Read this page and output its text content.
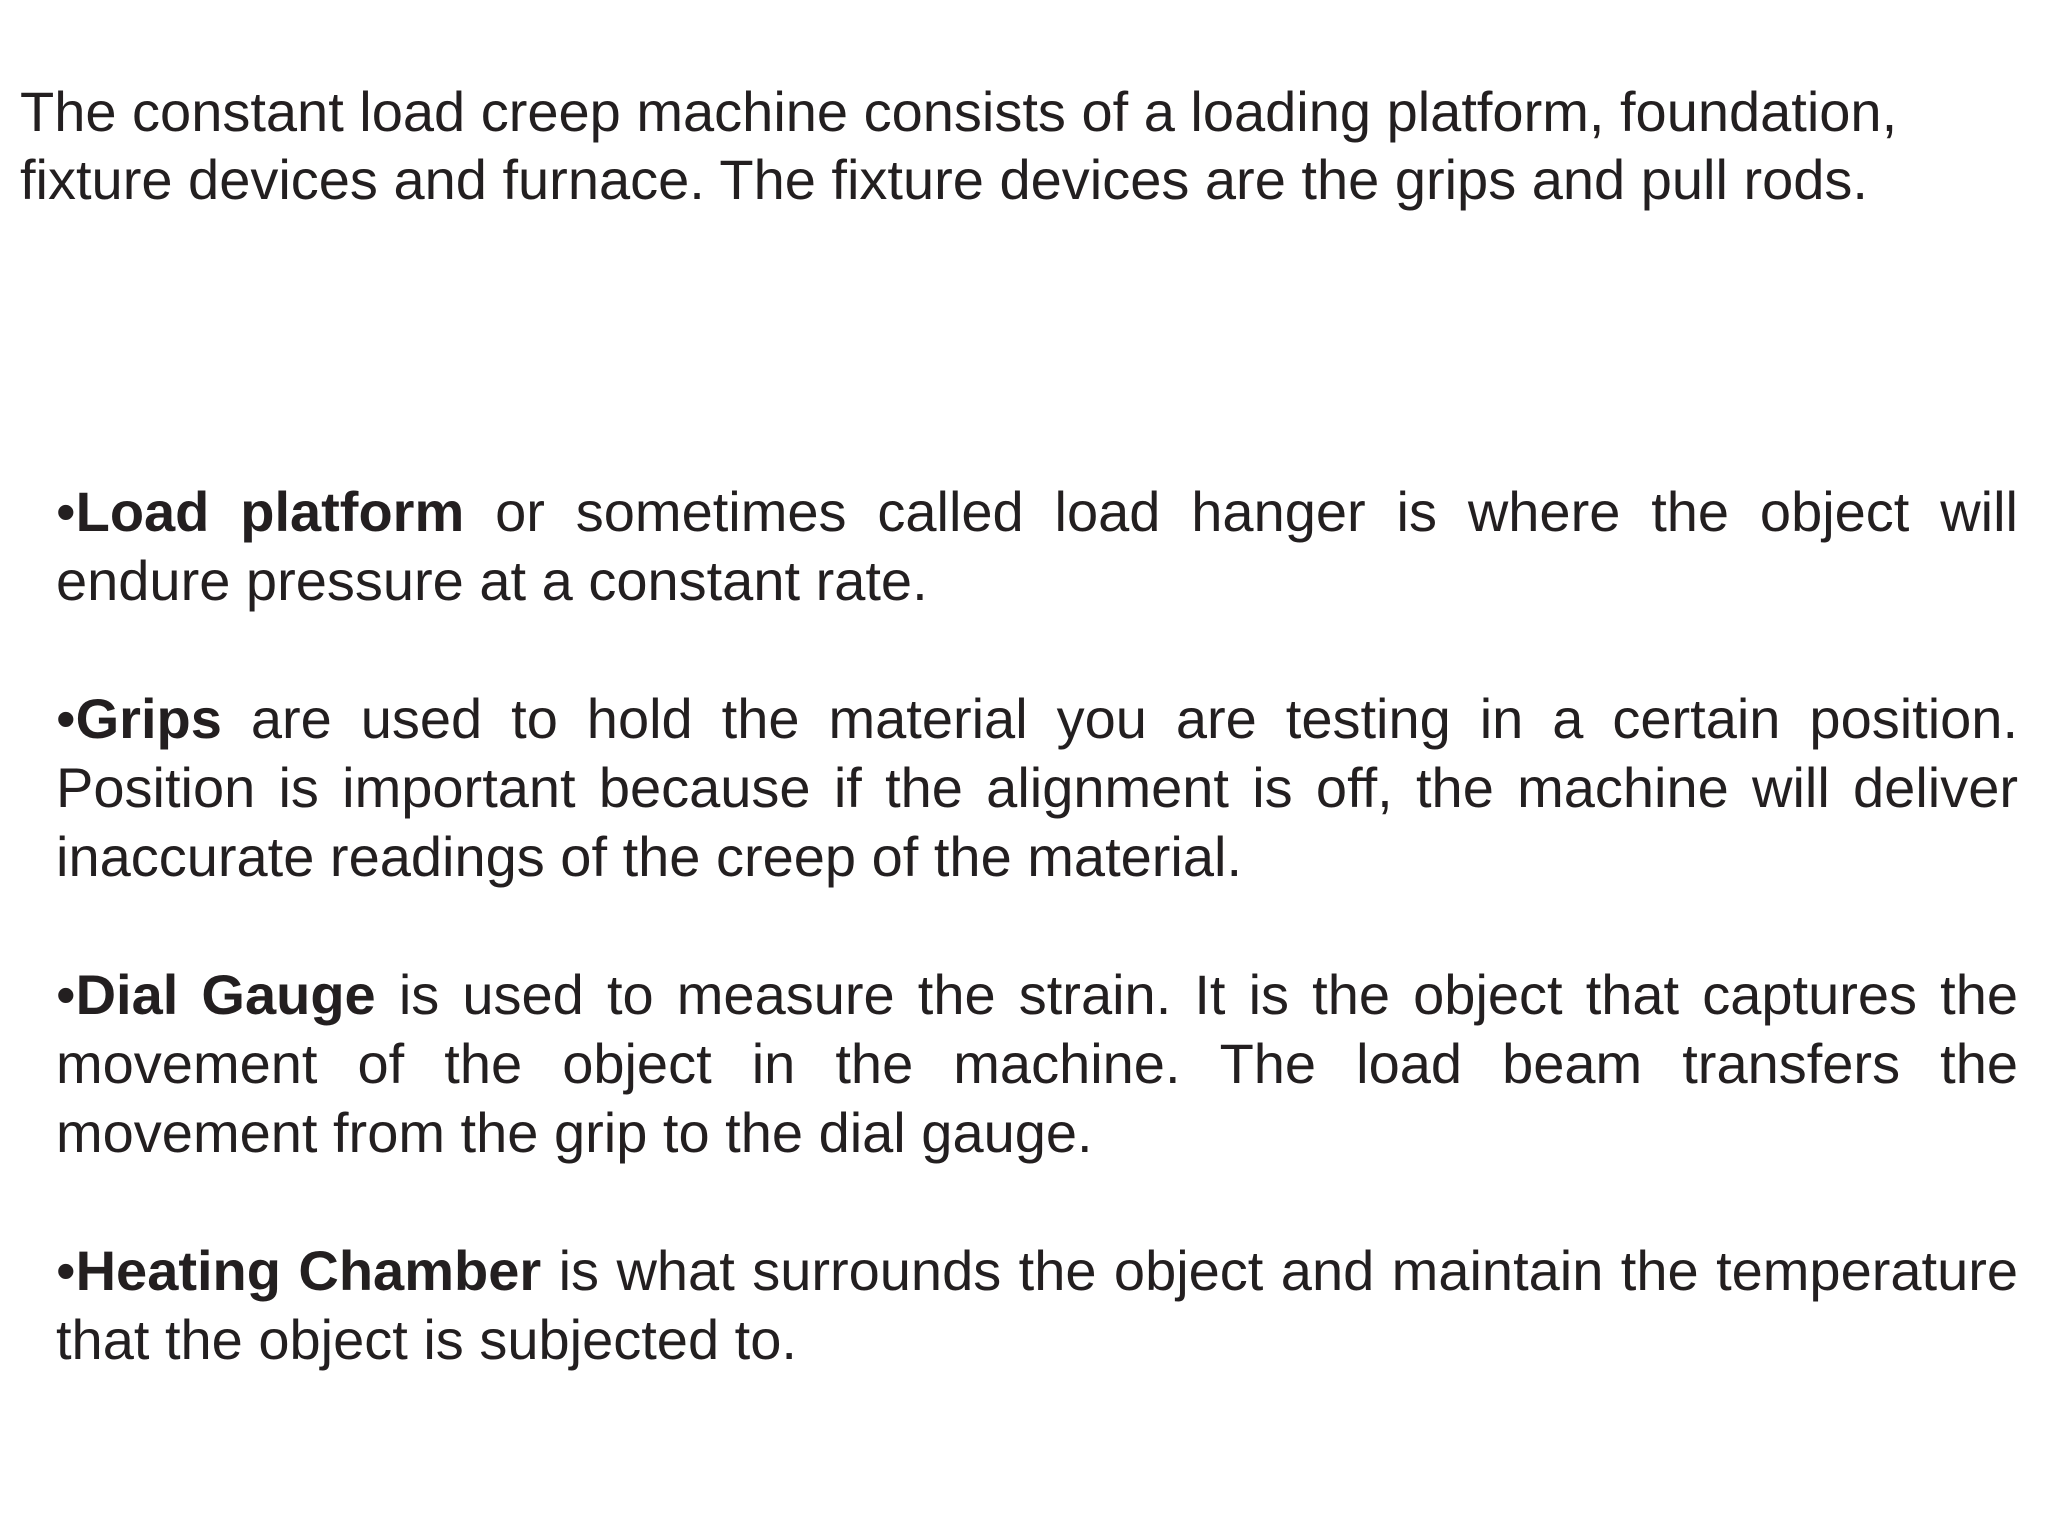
The constant load creep machine consists of a loading platform, foundation, fixture devices and furnace. The fixture devices are the grips and pull rods.

•Load platform or sometimes called load hanger is where the object will endure pressure at a constant rate.
•Grips are used to hold the material you are testing in a certain position. Position is important because if the alignment is off, the machine will deliver inaccurate readings of the creep of the material.
•Dial Gauge is used to measure the strain. It is the object that captures the movement of the object in the machine. The load beam transfers the movement from the grip to the dial gauge.
•Heating Chamber is what surrounds the object and maintain the temperature that the object is subjected to.
